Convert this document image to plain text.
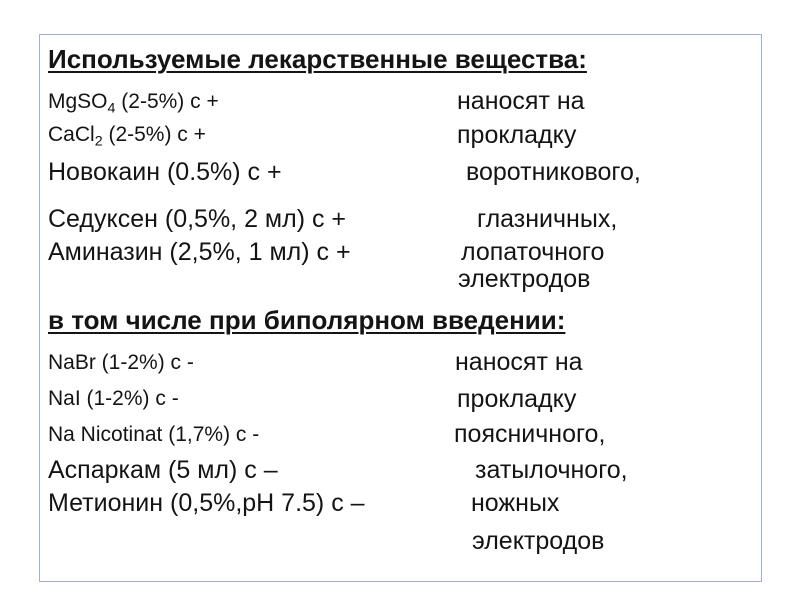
Используемые лекарственные вещества:
MgSO$_4$ (2-5%) с +
CaCl$_2$ (2-5%) с +
Новокаин (0.5%) с +
Седуксен (0,5%, 2 мл) с +
Аминазин (2,5%, 1 мл) с +
наносят на
прокладку
воротникового,
глазничных,
лопаточного
электродов
в том числе при биполярном введении:
NaBr (1-2%) с -
NaI (1-2%) с -
Na Nicotinat (1,7%) с -
Аспаркам (5 мл) с –
Метионин (0,5%,pH 7.5) с –
наносят на
прокладку
поясничного,
затылочного,
ножных
электродов
